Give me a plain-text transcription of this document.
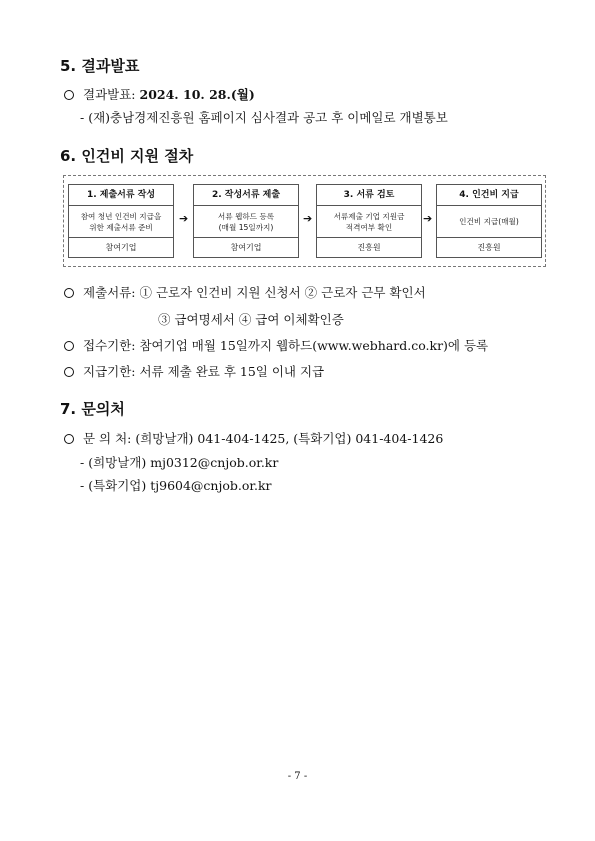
5. 결과발표
결과발표: 2024. 10. 28.(월)
- (재)충남경제진흥원 홈페이지 심사결과 공고 후 이메일로 개별통보
6. 인건비 지원 절차
1. 제출서류 작성
참여 청년 인건비 지급을
위한 제출서류 준비
참여기업
➔
2. 작성서류 제출
서류 웹하드 등록
(매월 15일까지)
참여기업
➔
3. 서류 검토
서류제출 기업 지원금
적격여부 확인
진흥원
➔
4. 인건비 지급
인건비 지급(매월)
진흥원
제출서류: ① 근로자 인건비 지원 신청서 ② 근로자 근무 확인서
③ 급여명세서 ④ 급여 이체확인증
접수기한: 참여기업 매월 15일까지 웹하드(www.webhard.co.kr)에 등록
지급기한: 서류 제출 완료 후 15일 이내 지급
7. 문의처
문 의 처: (희망날개) 041-404-1425, (특화기업) 041-404-1426
- (희망날개) mj0312@cnjob.or.kr
- (특화기업) tj9604@cnjob.or.kr
- 7 -
